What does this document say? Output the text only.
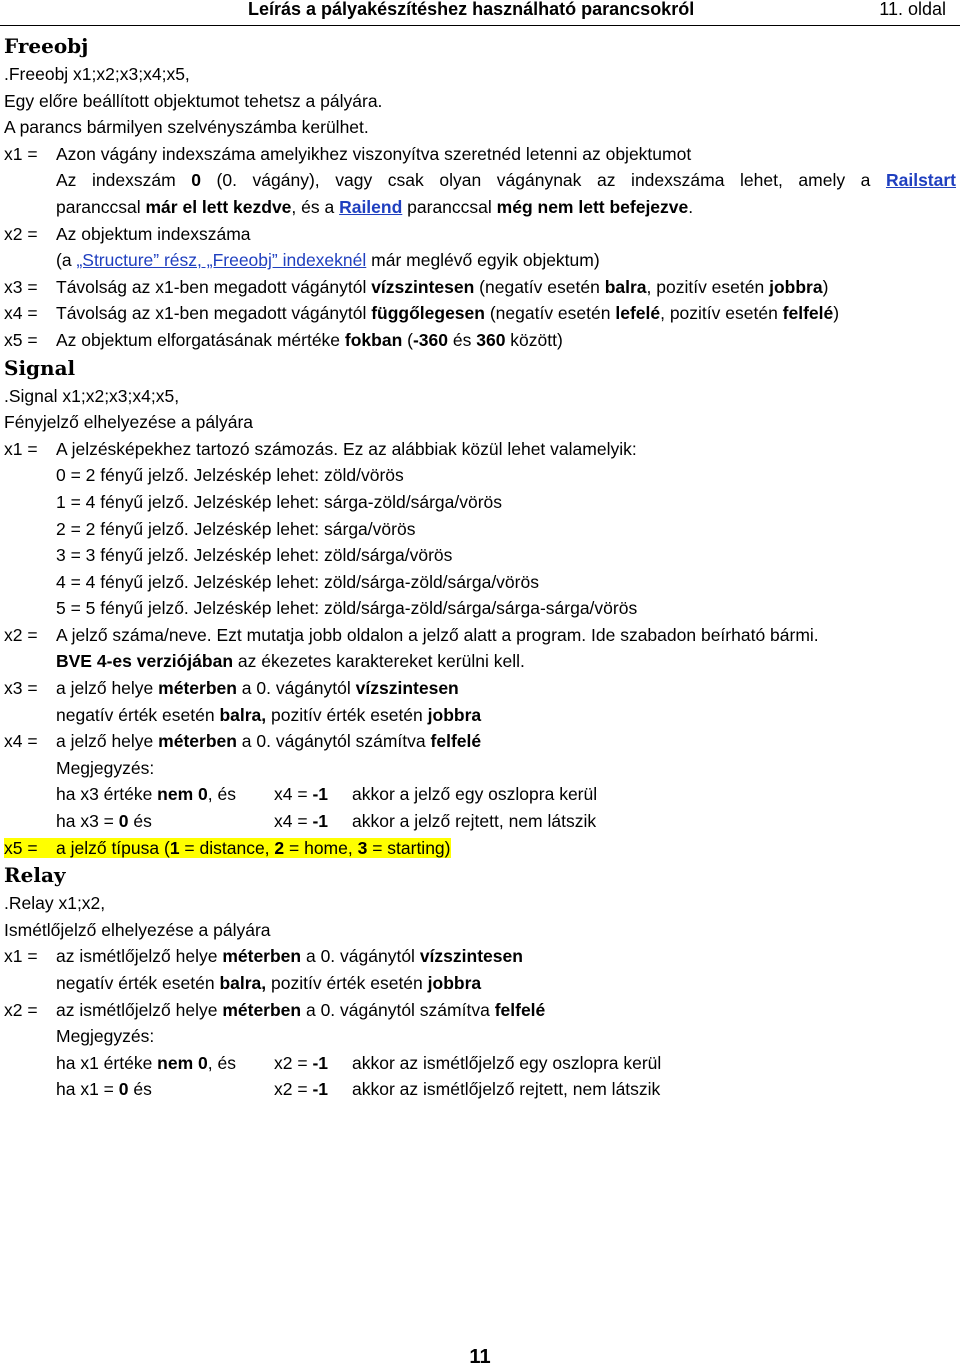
Leírás a pályakészítéshez használható parancsokról	11. oldal
Freeobj
.Freeobj x1;x2;x3;x4;x5,
Egy előre beállított objektumot tehetsz a pályára.
A parancs bármilyen szelvényszámba kerülhet.
x1 = Azon vágány indexszáma amelyikhez viszonyítva szeretnéd letenni az objektumot
Az indexszám 0 (0. vágány), vagy csak olyan vágánynak az indexszáma lehet, amely a Railstart
paranccsal már el lett kezdve, és a Railend paranccsal még nem lett befejezve.
x2 = Az objektum indexszáma
(a „Structure” rész, „Freeobj” indexeknél már meglévő egyik objektum)
x3 = Távolság az x1-ben megadott vágánytól vízszintesen (negatív esetén balra, pozitív esetén jobbra)
x4 = Távolság az x1-ben megadott vágánytól függőlegesen (negatív esetén lefelé, pozitív esetén felfelé)
x5 = Az objektum elforgatásának mértéke fokban (-360 és 360 között)
Signal
.Signal x1;x2;x3;x4;x5,
Fényjelző elhelyezése a pályára
x1 = A jelzésképekhez tartozó számozás. Ez az alábbiak közül lehet valamelyik:
0 = 2 fényű jelző. Jelzéskép lehet: zöld/vörös
1 = 4 fényű jelző. Jelzéskép lehet: sárga-zöld/sárga/vörös
2 = 2 fényű jelző. Jelzéskép lehet: sárga/vörös
3 = 3 fényű jelző. Jelzéskép lehet: zöld/sárga/vörös
4 = 4 fényű jelző. Jelzéskép lehet: zöld/sárga-zöld/sárga/vörös
5 = 5 fényű jelző. Jelzéskép lehet: zöld/sárga-zöld/sárga/sárga-sárga/vörös
x2 = A jelző száma/neve. Ezt mutatja jobb oldalon a jelző alatt a program. Ide szabadon beírható bármi.
BVE 4-es verziójában az ékezetes karaktereket kerülni kell.
x3 = a jelző helye méterben a 0. vágánytól vízszintesen
negatív érték esetén balra, pozitív érték esetén jobbra
x4 = a jelző helye méterben a 0. vágánytól számítva felfelé
Megjegyzés:
ha x3 értéke nem 0, és x4 = -1 akkor a jelző egy oszlopra kerül
ha x3 = 0 és	x4 = -1 akkor a jelző rejtett, nem látszik
x5 = a jelző típusa (1 = distance, 2 = home, 3 = starting)
Relay
.Relay x1;x2,
Ismétlőjelző elhelyezése a pályára
x1 = az ismétlőjelző helye méterben a 0. vágánytól vízszintesen
negatív érték esetén balra, pozitív érték esetén jobbra
x2 = az ismétlőjelző helye méterben a 0. vágánytól számítva felfelé
Megjegyzés:
ha x1 értéke nem 0, és x2 = -1 akkor az ismétlőjelző egy oszlopra kerül
ha x1 = 0 és	x2 = -1 akkor az ismétlőjelző rejtett, nem látszik
11
